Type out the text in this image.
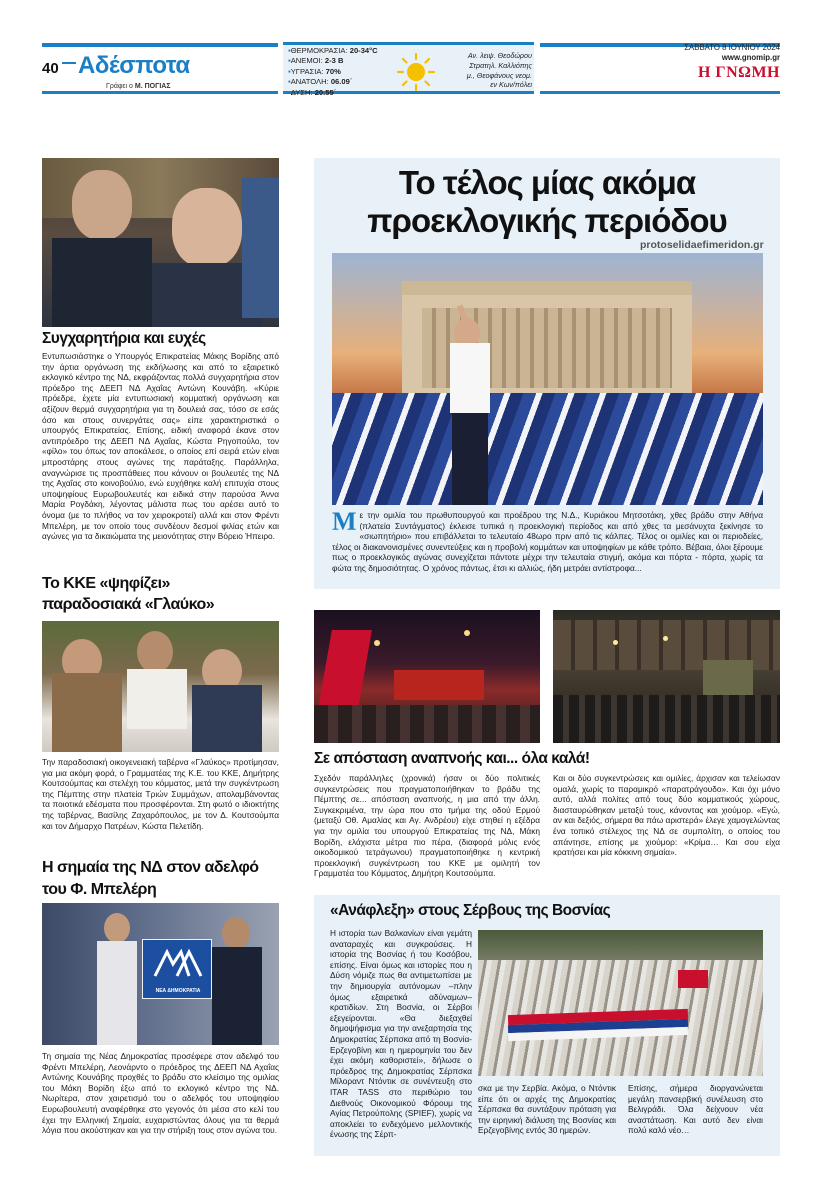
40 Αδέσποτα
Γράφει ο Μ. ΠΟΓΙΑΣ
▪ΘΕΡΜΟΚΡΑΣΙΑ: 20-34°C
▪ΑΝΕΜΟΙ: 2-3 Β
▪ΥΓΡΑΣΙΑ: 70%
▪ΑΝΑΤΟΛΗ: 06.09΄
▪ΔΥΣΗ: 20.55΄
Αν. λειψ. Θεοδώρου
Στρατηλ. Καλλιόπης
μ., Θεοφάνους νεομ.
εν Κων/πόλει
ΣΑΒΒΑΤΟ 8 ΙΟΥΝΙΟΥ 2024
www.gnomip.gr
Η ΓΝΩΜΗ
Συγχαρητήρια και ευχές
Εντυπωσιάστηκε ο Υπουργός Επικρατείας Μάκης Βορίδης από την άρτια οργάνωση της εκδήλωσης και από το εξαιρετικό εκλογικό κέντρο της ΝΔ, εκφράζοντας πολλά συγχαρητήρια στον πρόεδρο της ΔΕΕΠ ΝΔ Αχαΐας Αντώνη Κουνάβη. «Κύριε πρόεδρε, έχετε μία εντυπωσιακή κομματική οργάνωση και αξίζουν θερμά συγχαρητήρια για τη δουλειά σας, τόσο σε εσάς όσο και στους συνεργάτες σας» είπε χαρακτηριστικά ο υπουργός Επικρατείας. Επίσης, ειδική αναφορά έκανε στον αντιπρόεδρο της ΔΕΕΠ ΝΔ Αχαΐας, Κώστα Ρηγοπούλο, τον «φίλο» του όπως τον αποκάλεσε, ο οποίος επί σειρά ετών είναι μπροστάρης στους αγώνες της παράταξης. Παράλληλα, αναγνώρισε τις προσπάθειες που κάνουν οι βουλευτές της ΝΔ της Αχαΐας στο κοινοβούλιο, ενώ ευχήθηκε καλή επιτυχία στους υποψηφίους Ευρωβουλευτές και ειδικά στην παρούσα Άννα Μαρία Ρογδάκη, λέγοντας μάλιστα πως του αρέσει αυτό το όνομα (με το πλήθος να τον χειροκροτεί) αλλά και στον Φρέντι Μπελέρη, με τον οποίο τους συνδέουν δεσμοί φιλίας ετών και αγώνες για τα δικαιώματα της μειονότητας στην Βόρειο Ήπειρο.
Το ΚΚΕ «ψηφίζει»
παραδοσιακά «Γλαύκο»
Την παραδοσιακή οικογενειακή ταβέρνα «Γλαύκος» προτίμησαν, για μια ακόμη φορά, ο Γραμματέας της Κ.Ε. του ΚΚΕ, Δημήτρης Κουτσούμπας και στελέχη του κόμματος, μετά την συγκέντρωση της Πέμπτης στην πλατεία Τριών Συμμάχων, απολαμβάνοντας τα ποιοτικά εδέσματα που προσφέρονται. Στη φωτό ο ιδιοκτήτης της ταβέρνας, Βασίλης Ζαχαρόπουλος, με τον Δ. Κουτσούμπα και τον Δήμαρχο Πατρέων, Κώστα Πελετίδη.
Η σημαία της ΝΔ στον αδελφό
του Φ. Μπελέρη
ΝΕΑ ΔΗΜΟΚΡΑΤΙΑ
Τη σημαία της Νέας Δημοκρατίας προσέφερε στον αδελφό του Φρέντι Μπελέρη, Λεονάρντο ο πρόεδρος της ΔΕΕΠ ΝΔ Αχαΐας Αντώνης Κουνάβης προχθές το βράδυ στο κλείσιμο της ομιλίας του Μάκη Βορίδη έξω από το εκλογικό κέντρο της ΝΔ. Νωρίτερα, στον χαιρετισμό του ο αδελφός του υποψηφίου Ευρωβουλευτή αναφέρθηκε στο γεγονός ότι μέσα στο κελί του έχει την Ελληνική Σημαία, ευχαριστώντας όλους για τα θερμά λόγια που ακούστηκαν και για την στήριξη τους στον αγώνα του.
Το τέλος μίας ακόμα
προεκλογικής περιόδου
protoselidaefimeridon.gr
Μ ε την ομιλία του πρωθυπουργού και προέδρου της Ν.Δ., Κυριάκου Μητσοτάκη, χθες βράδυ στην Αθήνα (πλατεία Συντάγματος) έκλεισε τυπικά η προεκλογική περίοδος και από χθες τα μεσάνυχτα ξεκίνησε το «σιωπητήριο» που επιβάλλεται το τελευταίο 48ωρο πριν από τις κάλπες. Τέλος οι ομιλίες και οι περιοδείες, τέλος οι διακανονισμένες συνεντεύξεις και η προβολή κομμάτων και υποψηφίων με κάθε τρόπο. Βέβαια, όλοι ξέρουμε πως ο προεκλογικός αγώνας συνεχίζεται πάντοτε μέχρι την τελευταία στιγμή, ακόμα και πόρτα - πόρτα, χωρίς τα φώτα της δημοσιότητας. Ο χρόνος πάντως, έτσι κι αλλιώς, ήδη μετράει αντίστροφα...
Σε απόσταση αναπνοής και... όλα καλά!
Σχεδόν παράλληλες (χρονικά) ήσαν οι δύο πολιτικές συγκεντρώσεις που πραγματοποιήθηκαν το βράδυ της Πέμπτης σε... απόσταση αναπνοής, η μια από την άλλη. Συγκεκριμένα, την ώρα που στο τμήμα της οδού Ερμού (μεταξύ Οθ. Αμαλίας και Αγ. Ανδρέου) είχε στηθεί η εξέδρα για την ομιλία του υπουργού Επικρατείας της ΝΔ, Μάκη Βορίδη, ελάχιστα μέτρα πιο πέρα, (διαφορά μόλις ενός οικοδομικού τετράγωνου) πραγματοποιήθηκε η κεντρική προεκλογική συγκέντρωση του ΚΚΕ με ομιλητή τον Γραμματέα του Κόμματος, Δημήτρη Κουτσούμπα.
Και οι δύο συγκεντρώσεις και ομιλίες, άρχισαν και τελείωσαν ομαλά, χωρίς το παραμικρό «παρατράγουδο». Και όχι μόνο αυτό, αλλά πολίτες από τους δύο κομματικούς χώρους, διασταυρώθηκαν μεταξύ τους, κάνοντας και χιούμορ. «Εγώ, αν και δεξιός, σήμερα θα πάω αριστερά» έλεγε χαμογελώντας ένα τοπικό στέλεχος της ΝΔ σε συμπολίτη, ο οποίος του απάντησε, επίσης με χιούμορ: «Κρίμα… Και σου είχα κρατήσει και μία κόκκινη σημαία».
«Ανάφλεξη» στους Σέρβους της Βοσνίας
Η ιστορία των Βαλκανίων είναι γεμάτη αναταραχές και συγκρούσεις. Η ιστορία της Βοσνίας ή του Κοσόβου, επίσης. Είναι όμως και ιστορίες που η Δύση νόμιζε πως θα αντιμετωπίσει με την δημιουργία αυτόνομων –πλην όμως εξαιρετικά αδύναμων– κρατιδίων. Στη Βοσνία, οι Σέρβοι εξεγείρονται. «Θα διεξαχθεί δημοψήφισμα για την ανεξαρτησία της Δημοκρατίας Σέρπσκα από τη Βοσνία-Ερζεγοβίνη και η ημερομηνία του δεν έχει ακόμη καθοριστεί», δήλωσε ο πρόεδρος της Δημοκρατίας Σέρπσκα Μίλοραντ Ντόντικ σε συνέντευξη στο ITAR TASS στο περιθώριο του Διεθνούς Οικονομικού Φόρουμ της Αγίας Πετρούπολης (SPIEF), χωρίς να αποκλείει το ενδεχόμενο μελλοντικής ένωσης της Σέρπ-
σκα με την Σερβία. Ακόμα, ο Ντόντικ είπε ότι οι αρχές της Δημοκρατίας Σέρπσκα θα συντάξουν πρόταση για την ειρηνική διάλυση της Βοσνίας και Ερζεγοβίνης εντός 30 ημερών.
Επίσης, σήμερα διοργανώνεται μεγάλη πανσερβική συνέλευση στο Βελιγράδι. Όλα δείχνουν νέα αναστάτωση. Και αυτό δεν είναι πολύ καλό νέο…
